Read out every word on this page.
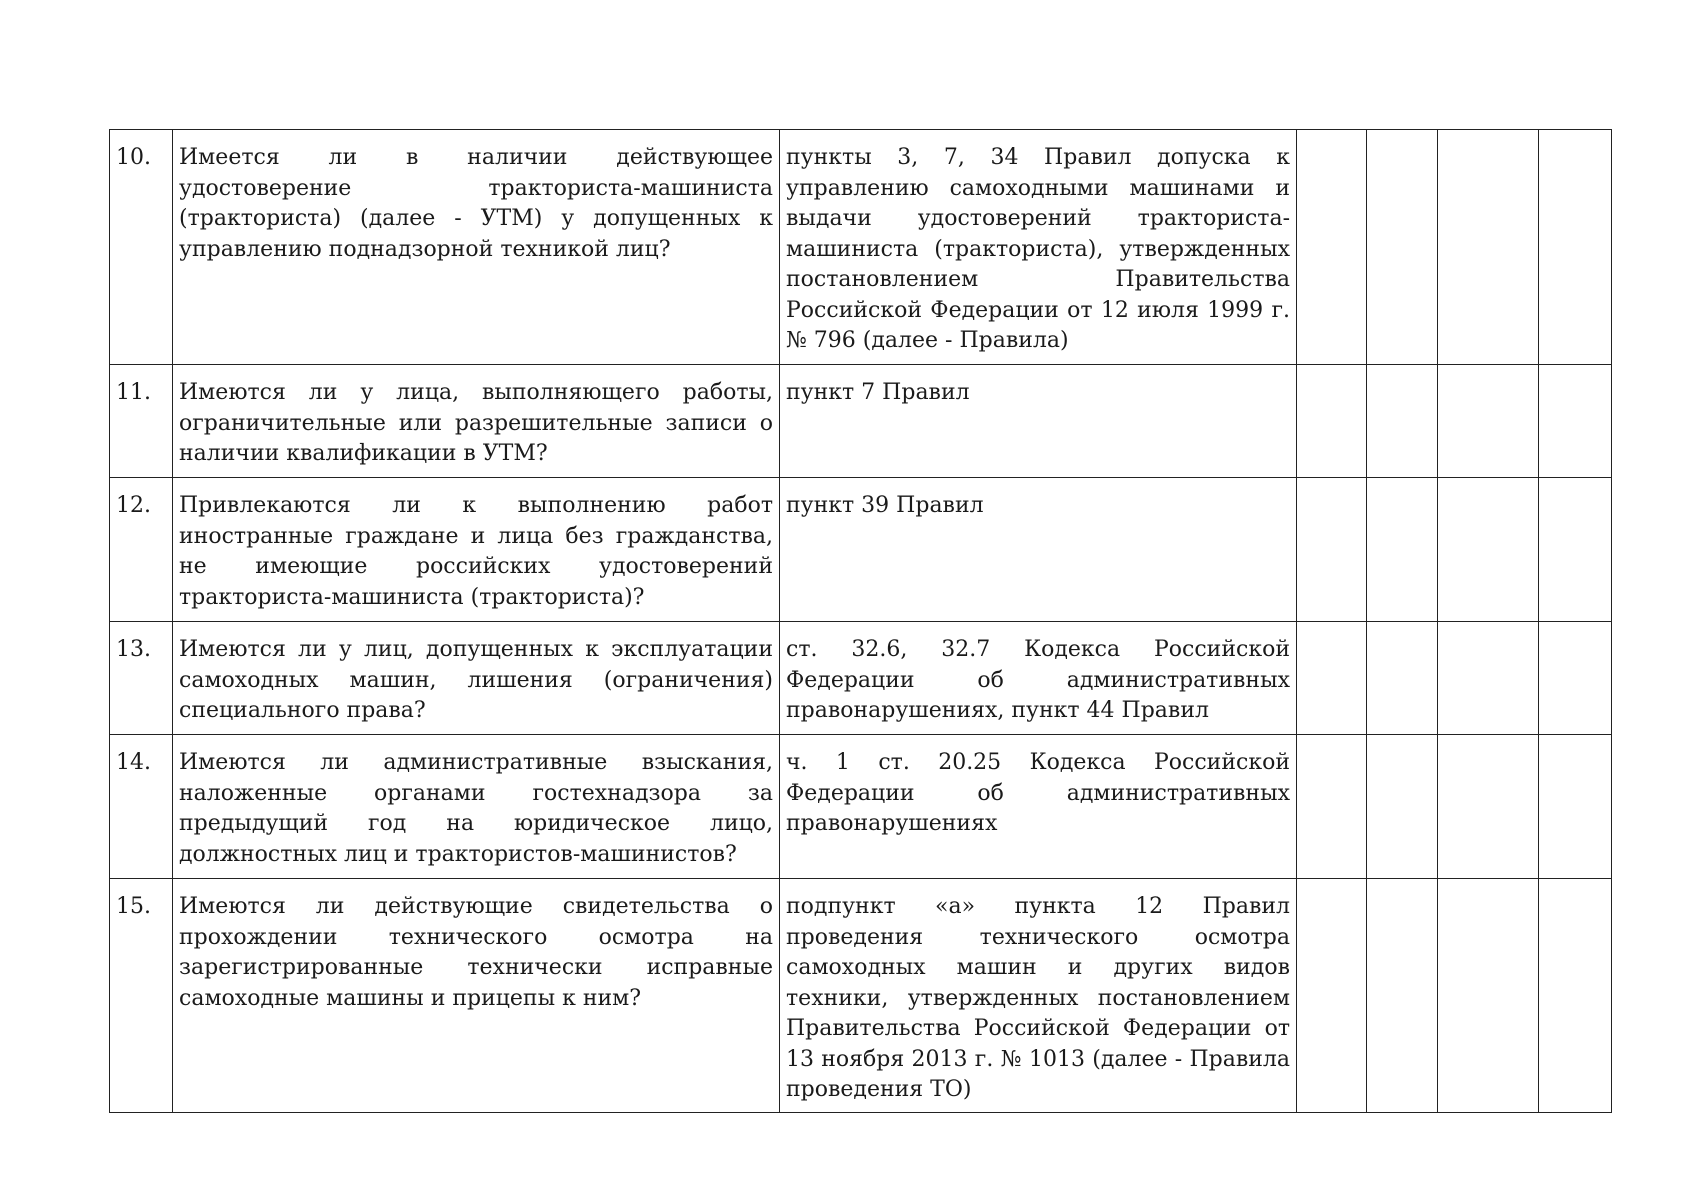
10.	Имеется ли в наличии действующее удостоверение тракториста-машиниста (тракториста) (далее - УТМ) у допущенных к управлению поднадзорной техникой лиц?	пункты 3, 7, 34 Правил допуска к управлению самоходными машинами и выдачи удостоверений тракториста-машиниста (тракториста), утвержденных постановлением Правительства Российской Федерации от 12 июля 1999 г. № 796 (далее - Правила)				
11.	Имеются ли у лица, выполняющего работы, ограничительные или разрешительные записи о наличии квалификации в УТМ?	пункт 7 Правил				
12.	Привлекаются ли к выполнению работ иностранные граждане и лица без гражданства, не имеющие российских удостоверений тракториста-машиниста (тракториста)?	пункт 39 Правил				
13.	Имеются ли у лиц, допущенных к эксплуатации самоходных машин, лишения (ограничения) специального права?	ст. 32.6, 32.7 Кодекса Российской Федерации об административных правонарушениях, пункт 44 Правил				
14.	Имеются ли административные взыскания, наложенные органами гостехнадзора за предыдущий год на юридическое лицо, должностных лиц и трактористов-машинистов?	ч. 1 ст. 20.25 Кодекса Российской Федерации об административных правонарушениях				
15.	Имеются ли действующие свидетельства о прохождении технического осмотра на зарегистрированные технически исправные самоходные машины и прицепы к ним?	подпункт «а» пункта 12 Правил проведения технического осмотра самоходных машин и других видов техники, утвержденных постановлением Правительства Российской Федерации от 13 ноября 2013 г. № 1013 (далее - Правила проведения ТО)				
